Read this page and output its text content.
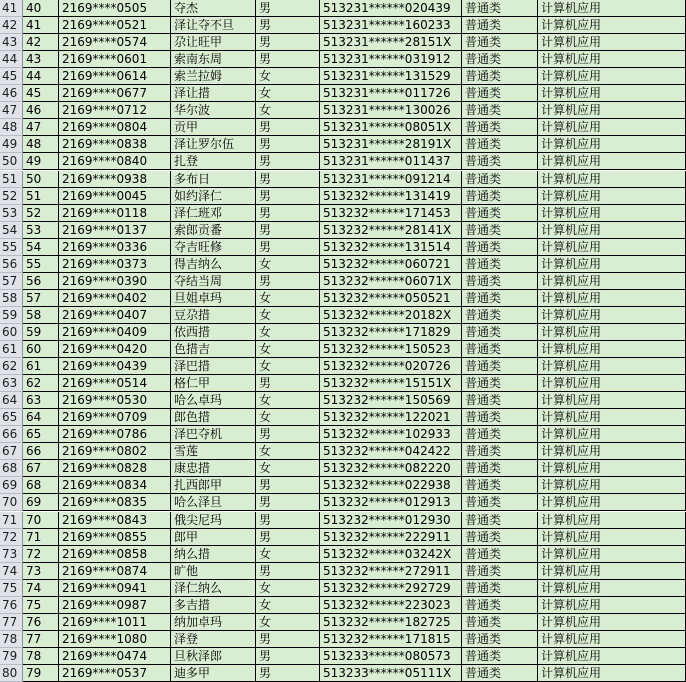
41 40	2169****0505	夺杰	男	513231******020439	普通类	计算机应用
42 41	2169****0521	泽让夺不旦	男	513231******160233	普通类	计算机应用
43 42	2169****0574	尕让旺甲	男	513231******28151X	普通类	计算机应用
44 43	2169****0601	索南东周	男	513231******031912	普通类	计算机应用
45 44	2169****0614	索兰拉姆	女	513231******131529	普通类	计算机应用
46 45	2169****0677	泽让措	女	513231******011726	普通类	计算机应用
47 46	2169****0712	华尔波	女	513231******130026	普通类	计算机应用
48 47	2169****0804	贡甲	男	513231******08051X	普通类	计算机应用
49 48	2169****0838	泽让罗尔伍	男	513231******28191X	普通类	计算机应用
50 49	2169****0840	扎登	男	513231******011437	普通类	计算机应用
51 50	2169****0938	多布日	男	513231******091214	普通类	计算机应用
52 51	2169****0045	如约泽仁	男	513232******131419	普通类	计算机应用
53 52	2169****0118	泽仁班邓	男	513232******171453	普通类	计算机应用
54 53	2169****0137	索郎贡番	男	513232******28141X	普通类	计算机应用
55 54	2169****0336	夺吉旺修	男	513232******131514	普通类	计算机应用
56 55	2169****0373	得吉纳么	女	513232******060721	普通类	计算机应用
57 56	2169****0390	夺结当周	男	513232******06071X	普通类	计算机应用
58 57	2169****0402	旦姐卓玛	女	513232******050521	普通类	计算机应用
59 58	2169****0407	豆尕措	女	513232******20182X	普通类	计算机应用
60 59	2169****0409	依西措	女	513232******171829	普通类	计算机应用
61 60	2169****0420	色措吉	女	513232******150523	普通类	计算机应用
62 61	2169****0439	泽巴措	女	513232******020726	普通类	计算机应用
63 62	2169****0514	格仁甲	男	513232******15151X	普通类	计算机应用
64 63	2169****0530	哈么卓玛	女	513232******150569	普通类	计算机应用
65 64	2169****0709	郎色措	女	513232******122021	普通类	计算机应用
66 65	2169****0786	泽巴夺机	男	513232******102933	普通类	计算机应用
67 66	2169****0802	雪莲	女	513232******042422	普通类	计算机应用
68 67	2169****0828	康忠措	女	513232******082220	普通类	计算机应用
69 68	2169****0834	扎西郎甲	男	513232******022938	普通类	计算机应用
70 69	2169****0835	哈么泽旦	男	513232******012913	普通类	计算机应用
71 70	2169****0843	俄尖尼玛	男	513232******012930	普通类	计算机应用
72 71	2169****0855	郎甲	男	513232******222911	普通类	计算机应用
73 72	2169****0858	纳么措	女	513232******03242X	普通类	计算机应用
74 73	2169****0874	旷他	男	513232******272911	普通类	计算机应用
75 74	2169****0941	泽仁纳么	女	513232******292729	普通类	计算机应用
76 75	2169****0987	多吉措	女	513232******223023	普通类	计算机应用
77 76	2169****1011	纳加卓玛	女	513232******182725	普通类	计算机应用
78 77	2169****1080	泽登	男	513232******171815	普通类	计算机应用
79 78	2169****0474	旦秋泽郎	男	513233******080573	普通类	计算机应用
80 79	2169****0537	迪多甲	男	513233******05111X	普通类	计算机应用
